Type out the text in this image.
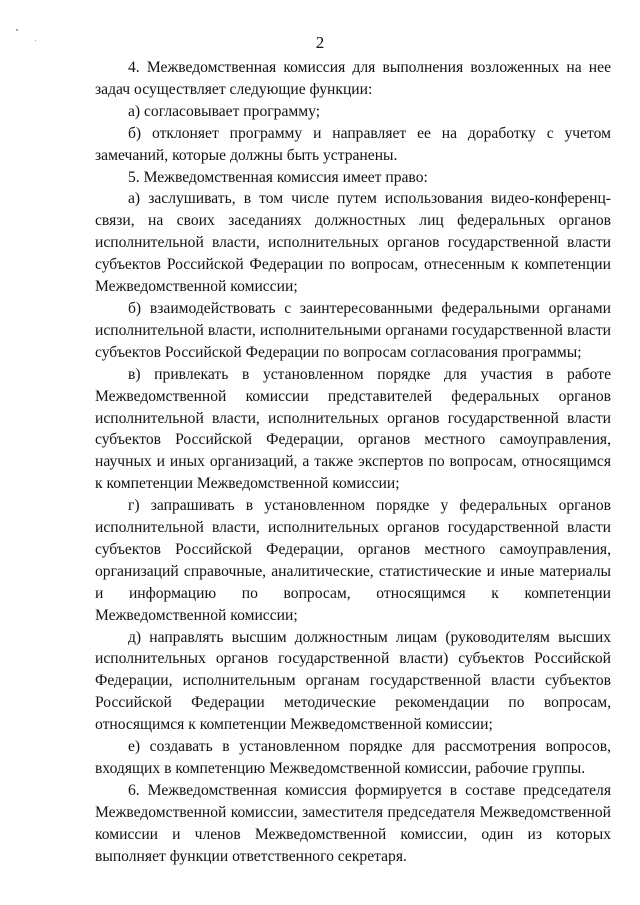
2

4. Межведомственная комиссия для выполнения возложенных на нее задач осуществляет следующие функции:

а) согласовывает программу;

б) отклоняет программу и направляет ее на доработку с учетом замечаний, которые должны быть устранены.

5. Межведомственная комиссия имеет право:

а) заслушивать, в том числе путем использования видео-конференц-связи, на своих заседаниях должностных лиц федеральных органов исполнительной власти, исполнительных органов государственной власти субъектов Российской Федерации по вопросам, отнесенным к компетенции Межведомственной комиссии;

б) взаимодействовать с заинтересованными федеральными органами исполнительной власти, исполнительными органами государственной власти субъектов Российской Федерации по вопросам согласования программы;

в) привлекать в установленном порядке для участия в работе Межведомственной комиссии представителей федеральных органов исполнительной власти, исполнительных органов государственной власти субъектов Российской Федерации, органов местного самоуправления, научных и иных организаций, а также экспертов по вопросам, относящимся к компетенции Межведомственной комиссии;

г) запрашивать в установленном порядке у федеральных органов исполнительной власти, исполнительных органов государственной власти субъектов Российской Федерации, органов местного самоуправления, организаций справочные, аналитические, статистические и иные материалы и информацию по вопросам, относящимся к компетенции Межведомственной комиссии;

д) направлять высшим должностным лицам (руководителям высших исполнительных органов государственной власти) субъектов Российской Федерации, исполнительным органам государственной власти субъектов Российской Федерации методические рекомендации по вопросам, относящимся к компетенции Межведомственной комиссии;

е) создавать в установленном порядке для рассмотрения вопросов, входящих в компетенцию Межведомственной комиссии, рабочие группы.

6. Межведомственная комиссия формируется в составе председателя Межведомственной комиссии, заместителя председателя Межведомственной комиссии и членов Межведомственной комиссии, один из которых выполняет функции ответственного секретаря.
